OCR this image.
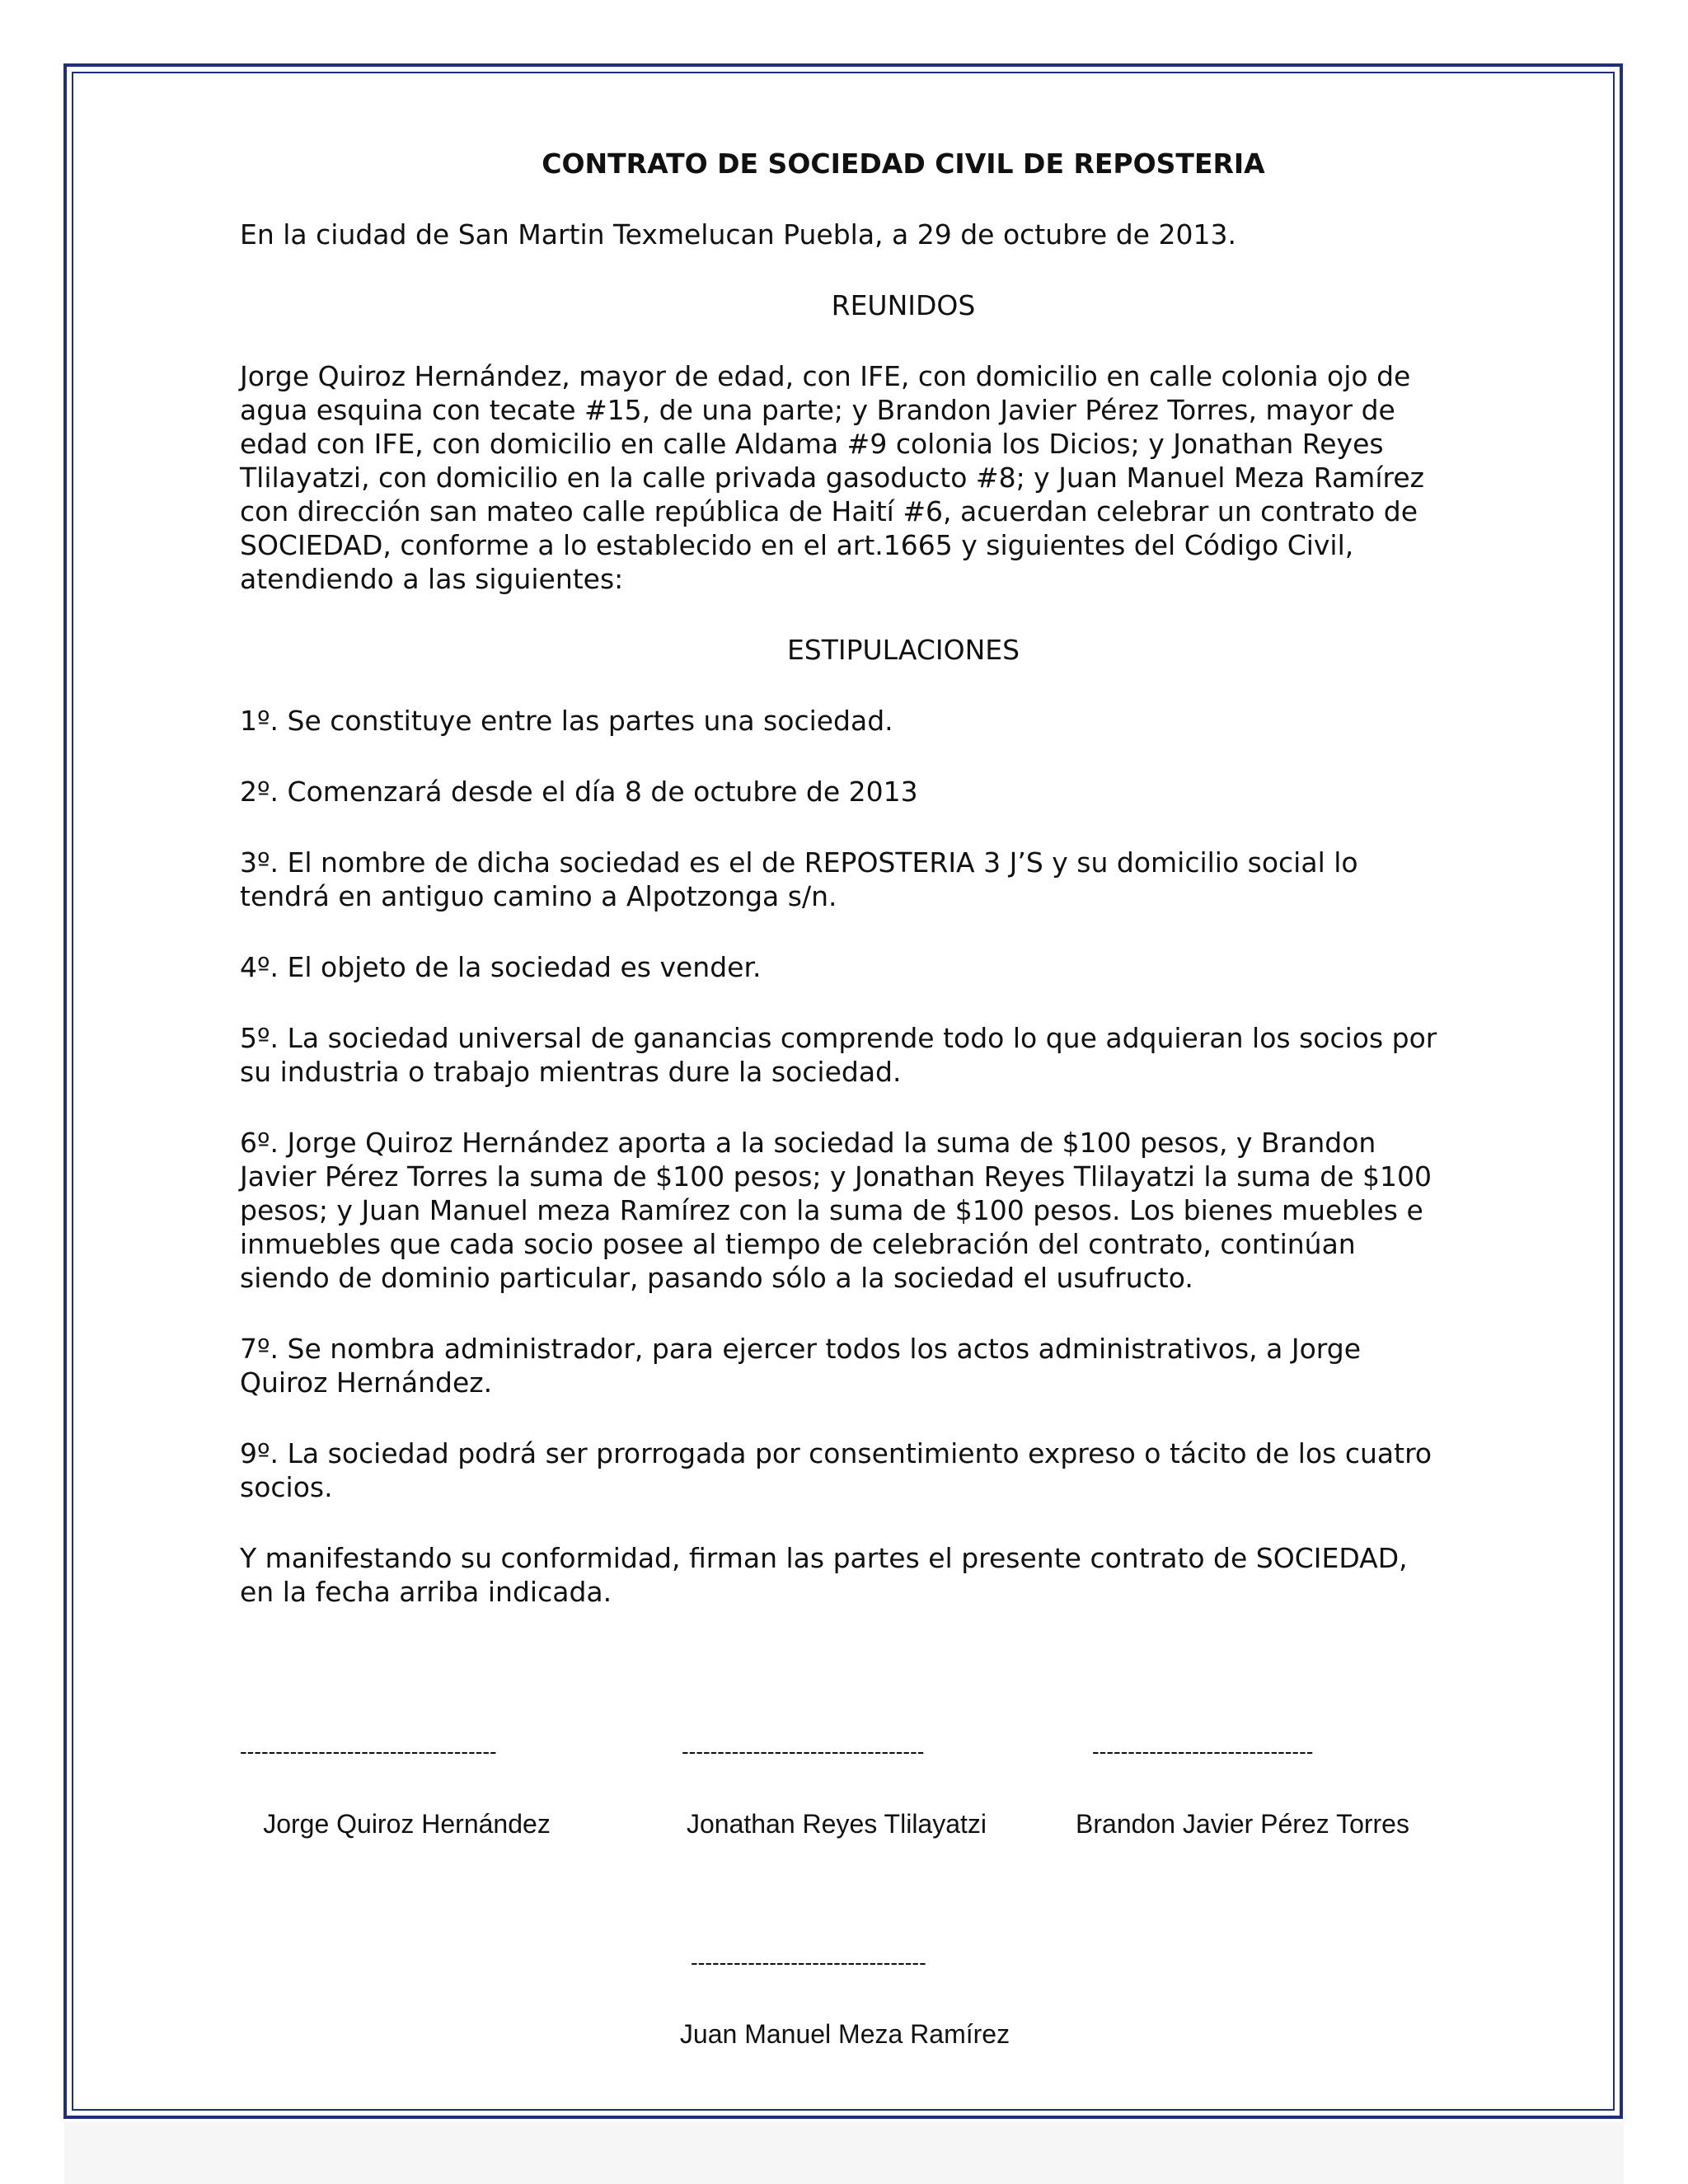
CONTRATO DE SOCIEDAD CIVIL DE REPOSTERIA
En la ciudad de San Martin Texmelucan Puebla, a 29 de octubre de 2013.
REUNIDOS
Jorge Quiroz Hernández, mayor de edad, con IFE, con domicilio en calle colonia ojo de agua esquina con tecate #15, de una parte; y Brandon Javier Pérez Torres, mayor de edad con IFE, con domicilio en calle Aldama #9 colonia los Dicios; y Jonathan Reyes Tlilayatzi, con domicilio en la calle privada gasoducto #8; y Juan Manuel Meza Ramírez con dirección san mateo calle república de Haití #6, acuerdan celebrar un contrato de SOCIEDAD, conforme a lo establecido en el art.1665 y siguientes del Código Civil, atendiendo a las siguientes:
ESTIPULACIONES
1º. Se constituye entre las partes una sociedad.
2º. Comenzará desde el día 8 de octubre de 2013
3º. El nombre de dicha sociedad es el de REPOSTERIA 3 J’S y su domicilio social lo tendrá en antiguo camino a Alpotzonga s/n.
4º. El objeto de la sociedad es vender.
5º. La sociedad universal de ganancias comprende todo lo que adquieran los socios por su industria o trabajo mientras dure la sociedad.
6º. Jorge Quiroz Hernández aporta a la sociedad la suma de $100 pesos, y Brandon Javier Pérez Torres la suma de $100 pesos; y Jonathan Reyes Tlilayatzi la suma de $100 pesos; y Juan Manuel meza Ramírez con la suma de $100 pesos. Los bienes muebles e inmuebles que cada socio posee al tiempo de celebración del contrato, continúan siendo de dominio particular, pasando sólo a la sociedad el usufructo.
7º. Se nombra administrador, para ejercer todos los actos administrativos, a Jorge Quiroz Hernández.
9º. La sociedad podrá ser prorrogada por consentimiento expreso o tácito de los cuatro socios.
Y manifestando su conformidad, firman las partes el presente contrato de SOCIEDAD, en la fecha arriba indicada.
------------------------------------	----------------------------------	-------------------------------
Jorge Quiroz Hernández	Jonathan Reyes Tlilayatzi	Brandon Javier Pérez Torres
---------------------------------
Juan Manuel Meza Ramírez
